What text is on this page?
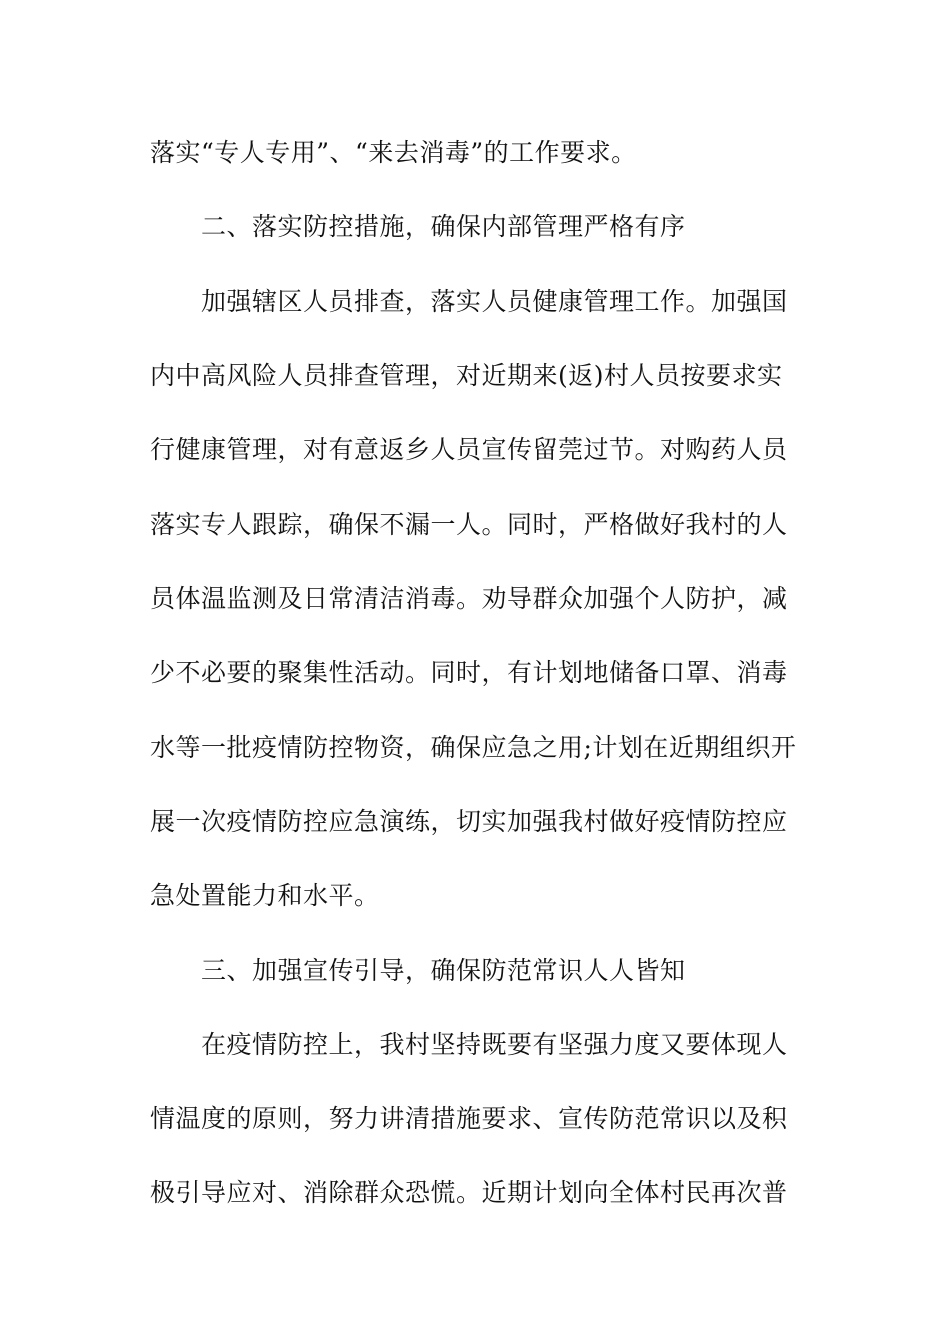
落实“专人专用”、“来去消毒”的工作要求。
二、落实防控措施，确保内部管理严格有序
加强辖区人员排查，落实人员健康管理工作。加强国
内中高风险人员排查管理，对近期来(返)村人员按要求实
行健康管理，对有意返乡人员宣传留莞过节。对购药人员
落实专人跟踪，确保不漏一人。同时，严格做好我村的人
员体温监测及日常清洁消毒。劝导群众加强个人防护，减
少不必要的聚集性活动。同时，有计划地储备口罩、消毒
水等一批疫情防控物资，确保应急之用;计划在近期组织开
展一次疫情防控应急演练，切实加强我村做好疫情防控应
急处置能力和水平。
三、加强宣传引导，确保防范常识人人皆知
在疫情防控上，我村坚持既要有坚强力度又要体现人
情温度的原则，努力讲清措施要求、宣传防范常识以及积
极引导应对、消除群众恐慌。近期计划向全体村民再次普
